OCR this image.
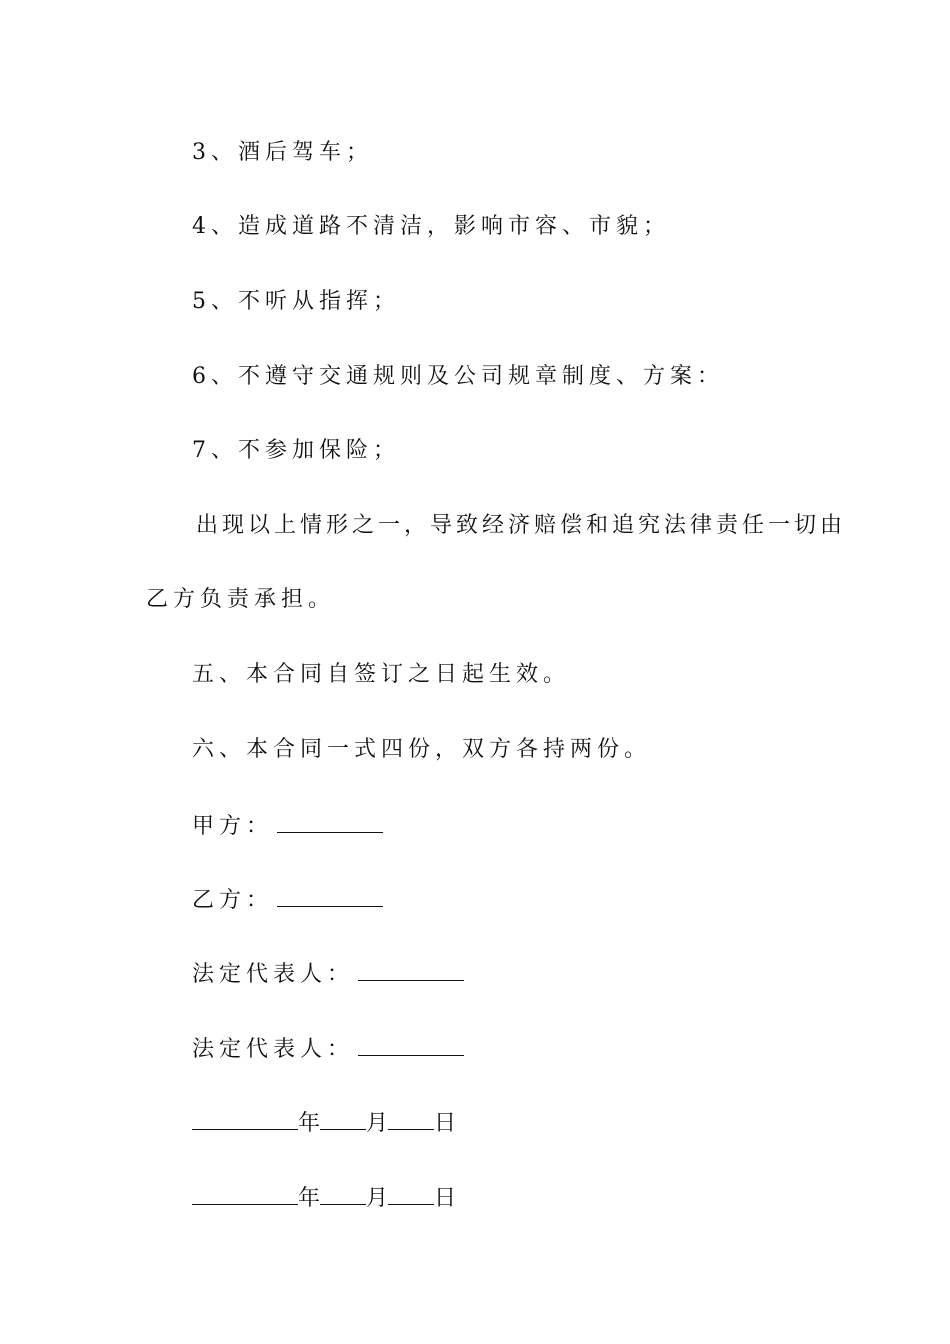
3、酒后驾车；
4、造成道路不清洁，影响市容、市貌；
5、不听从指挥；
6、不遵守交通规则及公司规章制度、方案：
7、不参加保险；
出现以上情形之一，导致经济赔偿和追究法律责任一切由
乙方负责承担。
五、本合同自签订之日起生效。
六、本合同一式四份，双方各持两份。
甲方：
乙方：
法定代表人：
法定代表人：
年 月 日
年 月 日
